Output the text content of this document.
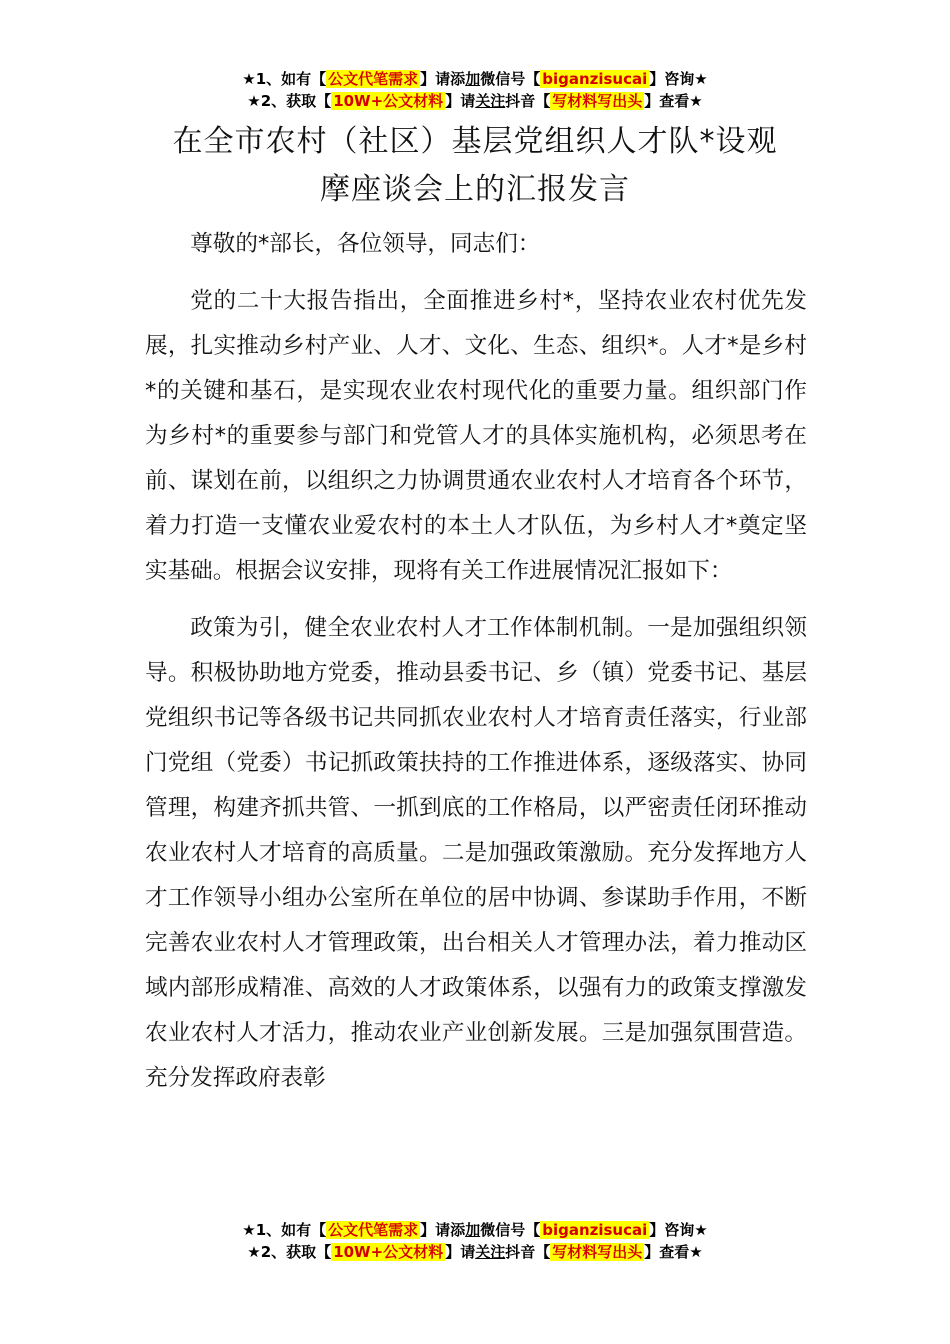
★1、如有【 公文代笔需求 】请添加微信号【 biganzisucai 】咨询★
★2、获取【 10W+公文材料 】请关注抖音【 写材料写出头 】查看★
在全市农村（社区）基层党组织人才队*设观
摩座谈会上的汇报发言

尊敬的*部长，各位领导，同志们：

党的二十大报告指出，全面推进乡村*，坚持农业农村优先发展，扎实推动乡村产业、人才、文化、生态、组织*。人才*是乡村*的关键和基石，是实现农业农村现代化的重要力量。组织部门作为乡村*的重要参与部门和党管人才的具体实施机构，必须思考在前、谋划在前，以组织之力协调贯通农业农村人才培育各个环节，着力打造一支懂农业爱农村的本土人才队伍，为乡村人才*奠定坚实基础。根据会议安排，现将有关工作进展情况汇报如下：

政策为引，健全农业农村人才工作体制机制。一是加强组织领导。积极协助地方党委，推动县委书记、乡（镇）党委书记、基层党组织书记等各级书记共同抓农业农村人才培育责任落实，行业部门党组（党委）书记抓政策扶持的工作推进体系，逐级落实、协同管理，构建齐抓共管、一抓到底的工作格局，以严密责任闭环推动农业农村人才培育的高质量。二是加强政策激励。充分发挥地方人才工作领导小组办公室所在单位的居中协调、参谋助手作用，不断完善农业农村人才管理政策，出台相关人才管理办法，着力推动区域内部形成精准、高效的人才政策体系，以强有力的政策支撑激发农业农村人才活力，推动农业产业创新发展。三是加强氛围营造。充分发挥政府表彰

★1、如有【 公文代笔需求 】请添加微信号【 biganzisucai 】咨询★
★2、获取【 10W+公文材料 】请关注抖音【 写材料写出头 】查看★
